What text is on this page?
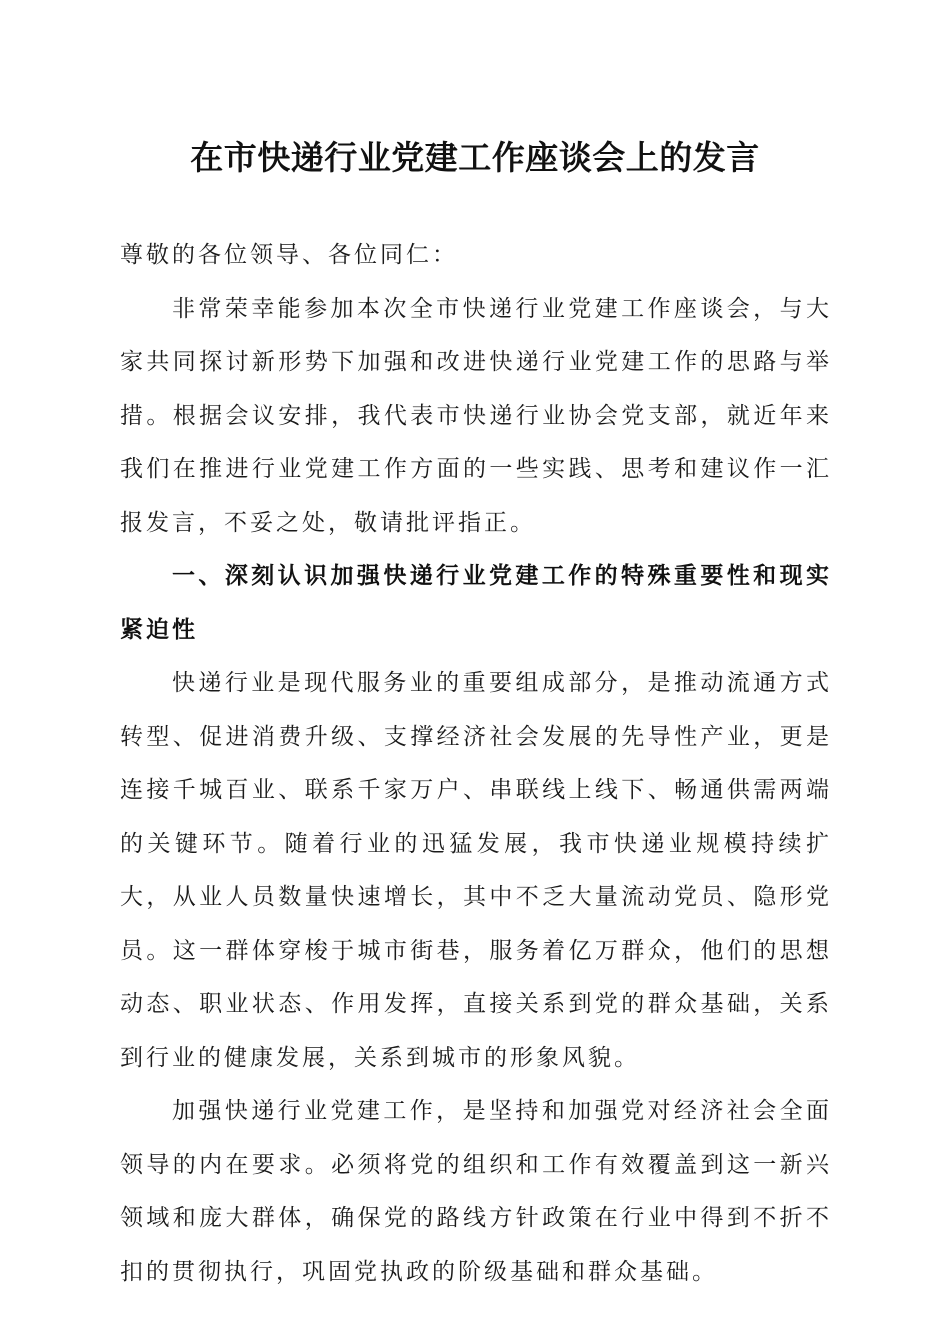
在市快递行业党建工作座谈会上的发言

尊敬的各位领导、各位同仁：

非常荣幸能参加本次全市快递行业党建工作座谈会，与大家共同探讨新形势下加强和改进快递行业党建工作的思路与举措。根据会议安排，我代表市快递行业协会党支部，就近年来我们在推进行业党建工作方面的一些实践、思考和建议作一汇报发言，不妥之处，敬请批评指正。

一、深刻认识加强快递行业党建工作的特殊重要性和现实紧迫性

快递行业是现代服务业的重要组成部分，是推动流通方式转型、促进消费升级、支撑经济社会发展的先导性产业，更是连接千城百业、联系千家万户、串联线上线下、畅通供需两端的关键环节。随着行业的迅猛发展，我市快递业规模持续扩大，从业人员数量快速增长，其中不乏大量流动党员、隐形党员。这一群体穿梭于城市街巷，服务着亿万群众，他们的思想动态、职业状态、作用发挥，直接关系到党的群众基础，关系到行业的健康发展，关系到城市的形象风貌。

加强快递行业党建工作，是坚持和加强党对经济社会全面领导的内在要求。必须将党的组织和工作有效覆盖到这一新兴领域和庞大群体，确保党的路线方针政策在行业中得到不折不扣的贯彻执行，巩固党执政的阶级基础和群众基础。
